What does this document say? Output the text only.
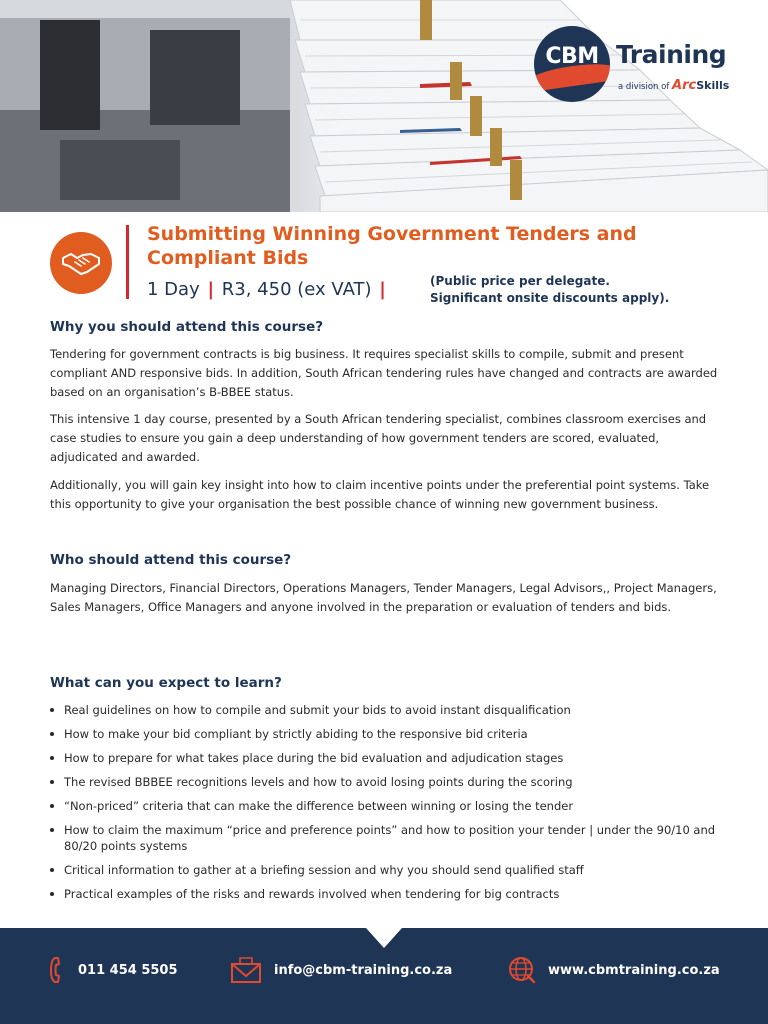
CBM Training
a division of ArcSkills
Submitting Winning Government Tenders and Compliant Bids
1 Day | R3, 450 (ex VAT) |	(Public price per delegate.
Significant onsite discounts apply).
Why you should attend this course?

Tendering for government contracts is big business. It requires specialist skills to compile, submit and present compliant AND responsive bids. In addition, South African tendering rules have changed and contracts are awarded based on an organisation’s B-BBEE status.

This intensive 1 day course, presented by a South African tendering specialist, combines classroom exercises and case studies to ensure you gain a deep understanding of how government tenders are scored, evaluated, adjudicated and awarded.

Additionally, you will gain key insight into how to claim incentive points under the preferential point systems. Take this opportunity to give your organisation the best possible chance of winning new government business.

Who should attend this course?

Managing Directors, Financial Directors, Operations Managers, Tender Managers, Legal Advisors,, Project Managers, Sales Managers, Office Managers and anyone involved in the preparation or evaluation of tenders and bids.

What can you expect to learn?
Real guidelines on how to compile and submit your bids to avoid instant disqualification
How to make your bid compliant by strictly abiding to the responsive bid criteria
How to prepare for what takes place during the bid evaluation and adjudication stages
The revised BBBEE recognitions levels and how to avoid losing points during the scoring
“Non-priced” criteria that can make the difference between winning or losing the tender
How to claim the maximum “price and preference points” and how to position your tender | under the 90/10 and 80/20 points systems
Critical information to gather at a briefing session and why you should send qualified staff
Practical examples of the risks and rewards involved when tendering for big contracts
011 454 5505	info@cbm-training.co.za	www.cbmtraining.co.za
